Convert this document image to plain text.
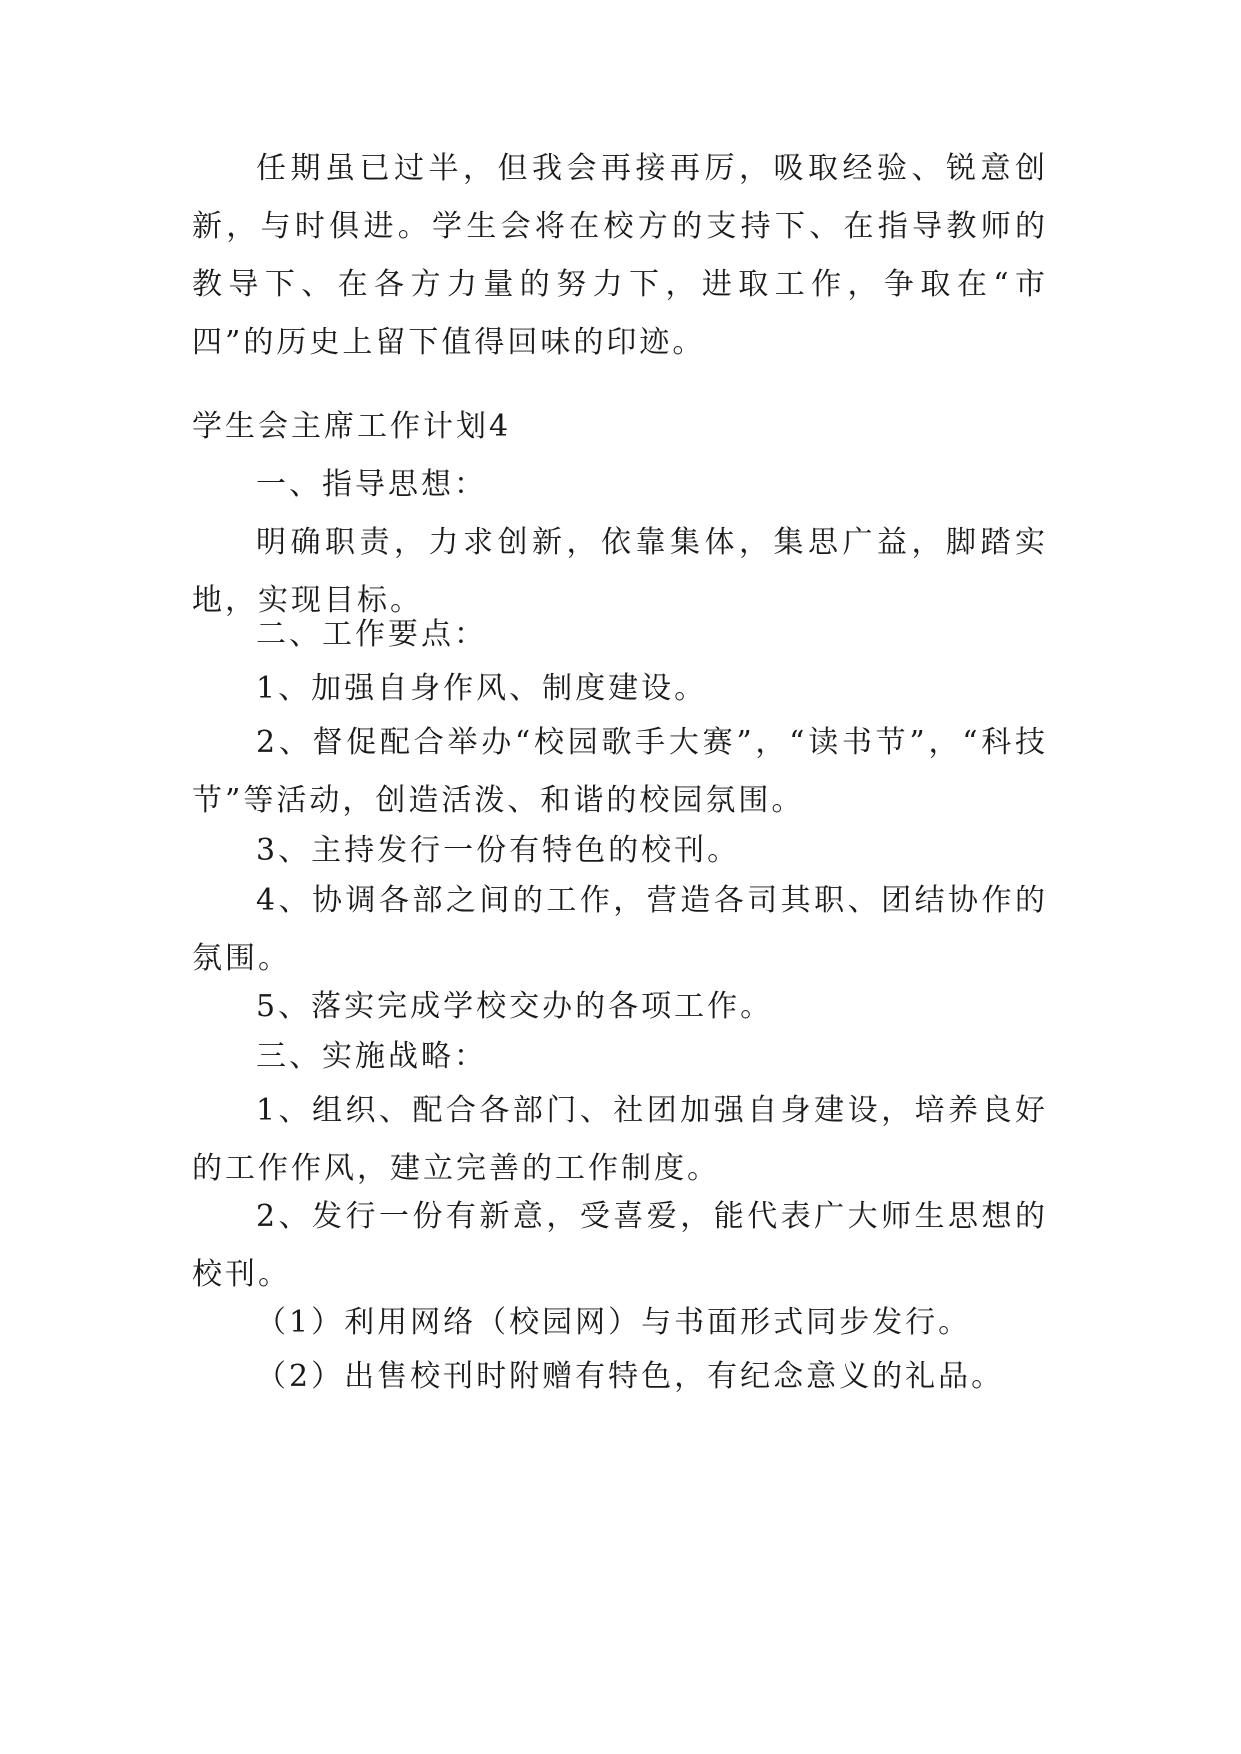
任期虽已过半，但我会再接再厉，吸取经验、锐意创新，与时俱进。学生会将在校方的支持下、在指导教师的教导下、在各方力量的努力下，进取工作，争取在“市四”的历史上留下值得回味的印迹。

学生会主席工作计划4

一、指导思想：

明确职责，力求创新，依靠集体，集思广益，脚踏实地，实现目标。

二、工作要点：

1、加强自身作风、制度建设。

2、督促配合举办“校园歌手大赛”，“读书节”，“科技节”等活动，创造活泼、和谐的校园氛围。

3、主持发行一份有特色的校刊。

4、协调各部之间的工作，营造各司其职、团结协作的氛围。

5、落实完成学校交办的各项工作。

三、实施战略：

1、组织、配合各部门、社团加强自身建设，培养良好的工作作风，建立完善的工作制度。

2、发行一份有新意，受喜爱，能代表广大师生思想的校刊。

（1）利用网络（校园网）与书面形式同步发行。

（2）出售校刊时附赠有特色，有纪念意义的礼品。
